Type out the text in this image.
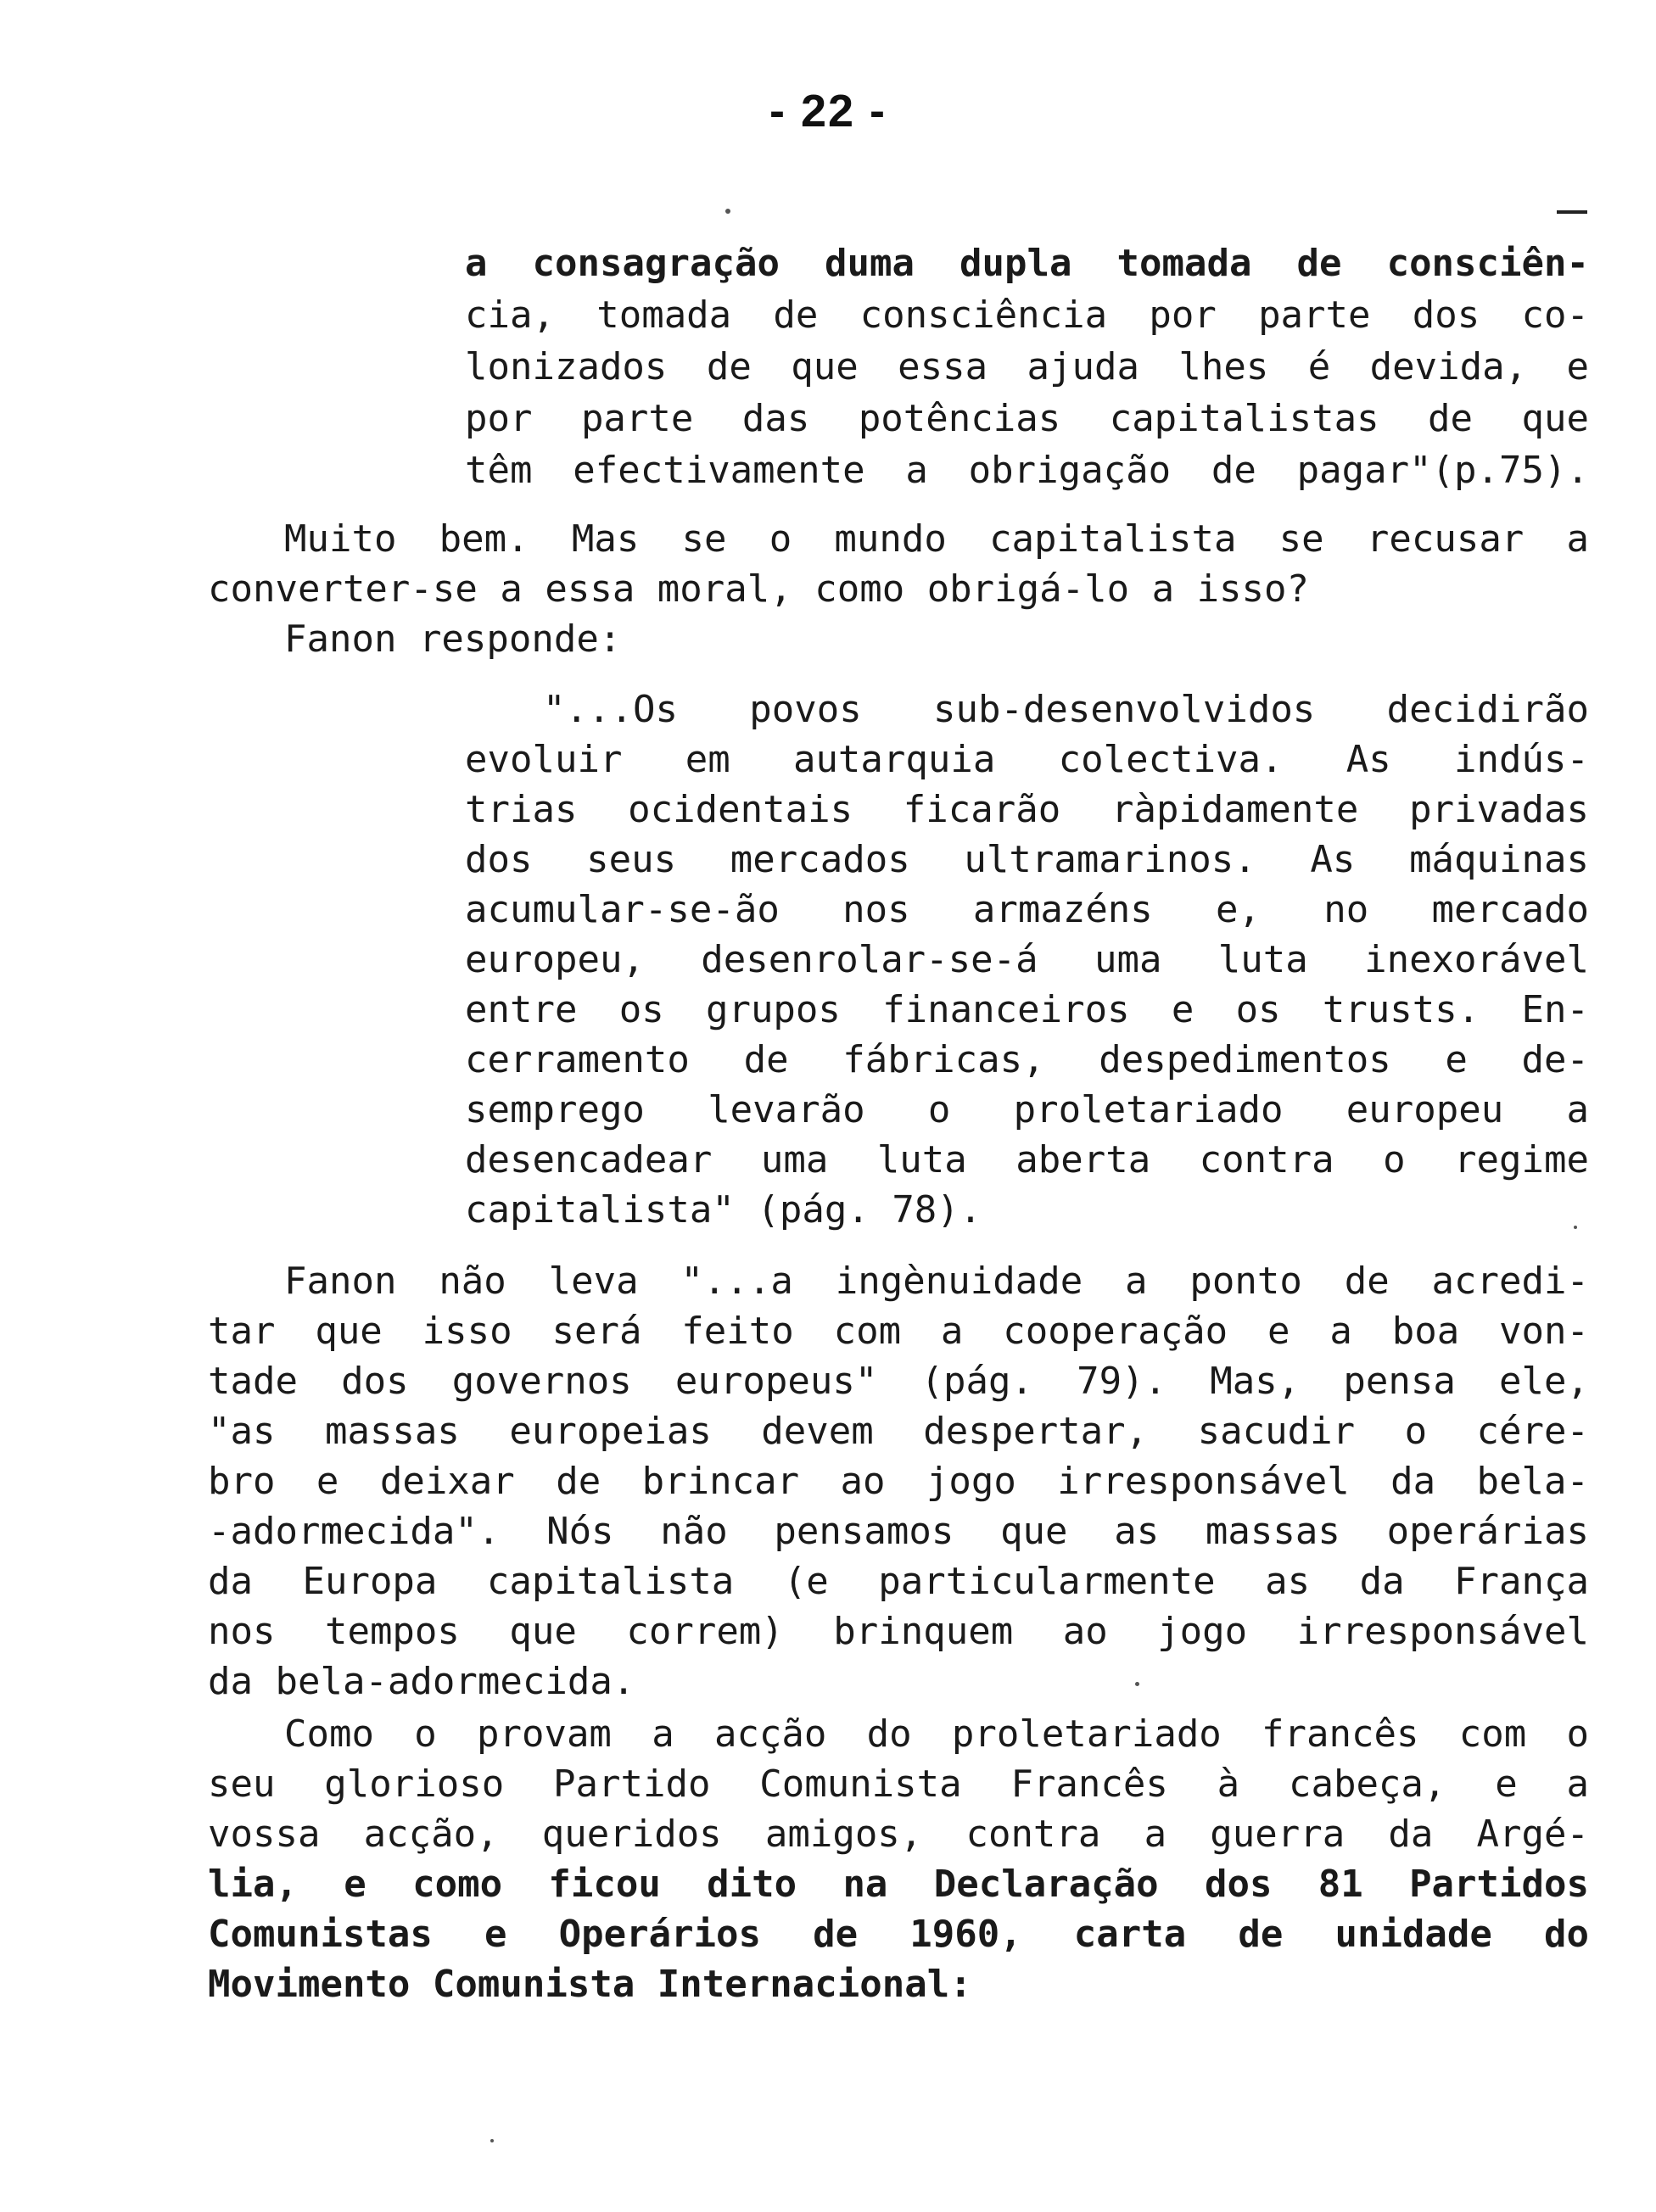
- 22 -
a consagração duma dupla tomada de consciên-
cia, tomada de consciência por parte dos co-
lonizados de que essa ajuda lhes é devida, e
por parte das potências capitalistas de que
têm efectivamente a obrigação de pagar"(p.75).
Muito bem. Mas se o mundo capitalista se recusar a
converter-se a essa moral, como obrigá-lo a isso?
Fanon responde:
"...Os povos sub-desenvolvidos decidirão
evoluir em autarquia colectiva. As indús-
trias ocidentais ficarão ràpidamente privadas
dos seus mercados ultramarinos. As máquinas
acumular-se-ão nos armazéns e, no mercado
europeu, desenrolar-se-á uma luta inexorável
entre os grupos financeiros e os trusts. En-
cerramento de fábricas, despedimentos e de-
semprego levarão o proletariado europeu a
desencadear uma luta aberta contra o regime
capitalista" (pág. 78).
Fanon não leva "...a ingènuidade a ponto de acredi-
tar que isso será feito com a cooperação e a boa von-
tade dos governos europeus" (pág. 79). Mas, pensa ele,
"as massas europeias devem despertar, sacudir o cére-
bro e deixar de brincar ao jogo irresponsável da bela-
-adormecida". Nós não pensamos que as massas operárias
da Europa capitalista (e particularmente as da França
nos tempos que correm) brinquem ao jogo irresponsável
da bela-adormecida.
Como o provam a acção do proletariado francês com o
seu glorioso Partido Comunista Francês à cabeça, e a
vossa acção, queridos amigos, contra a guerra da Argé-
lia, e como ficou dito na Declaração dos 81 Partidos
Comunistas e Operários de 1960, carta de unidade do
Movimento Comunista Internacional:
